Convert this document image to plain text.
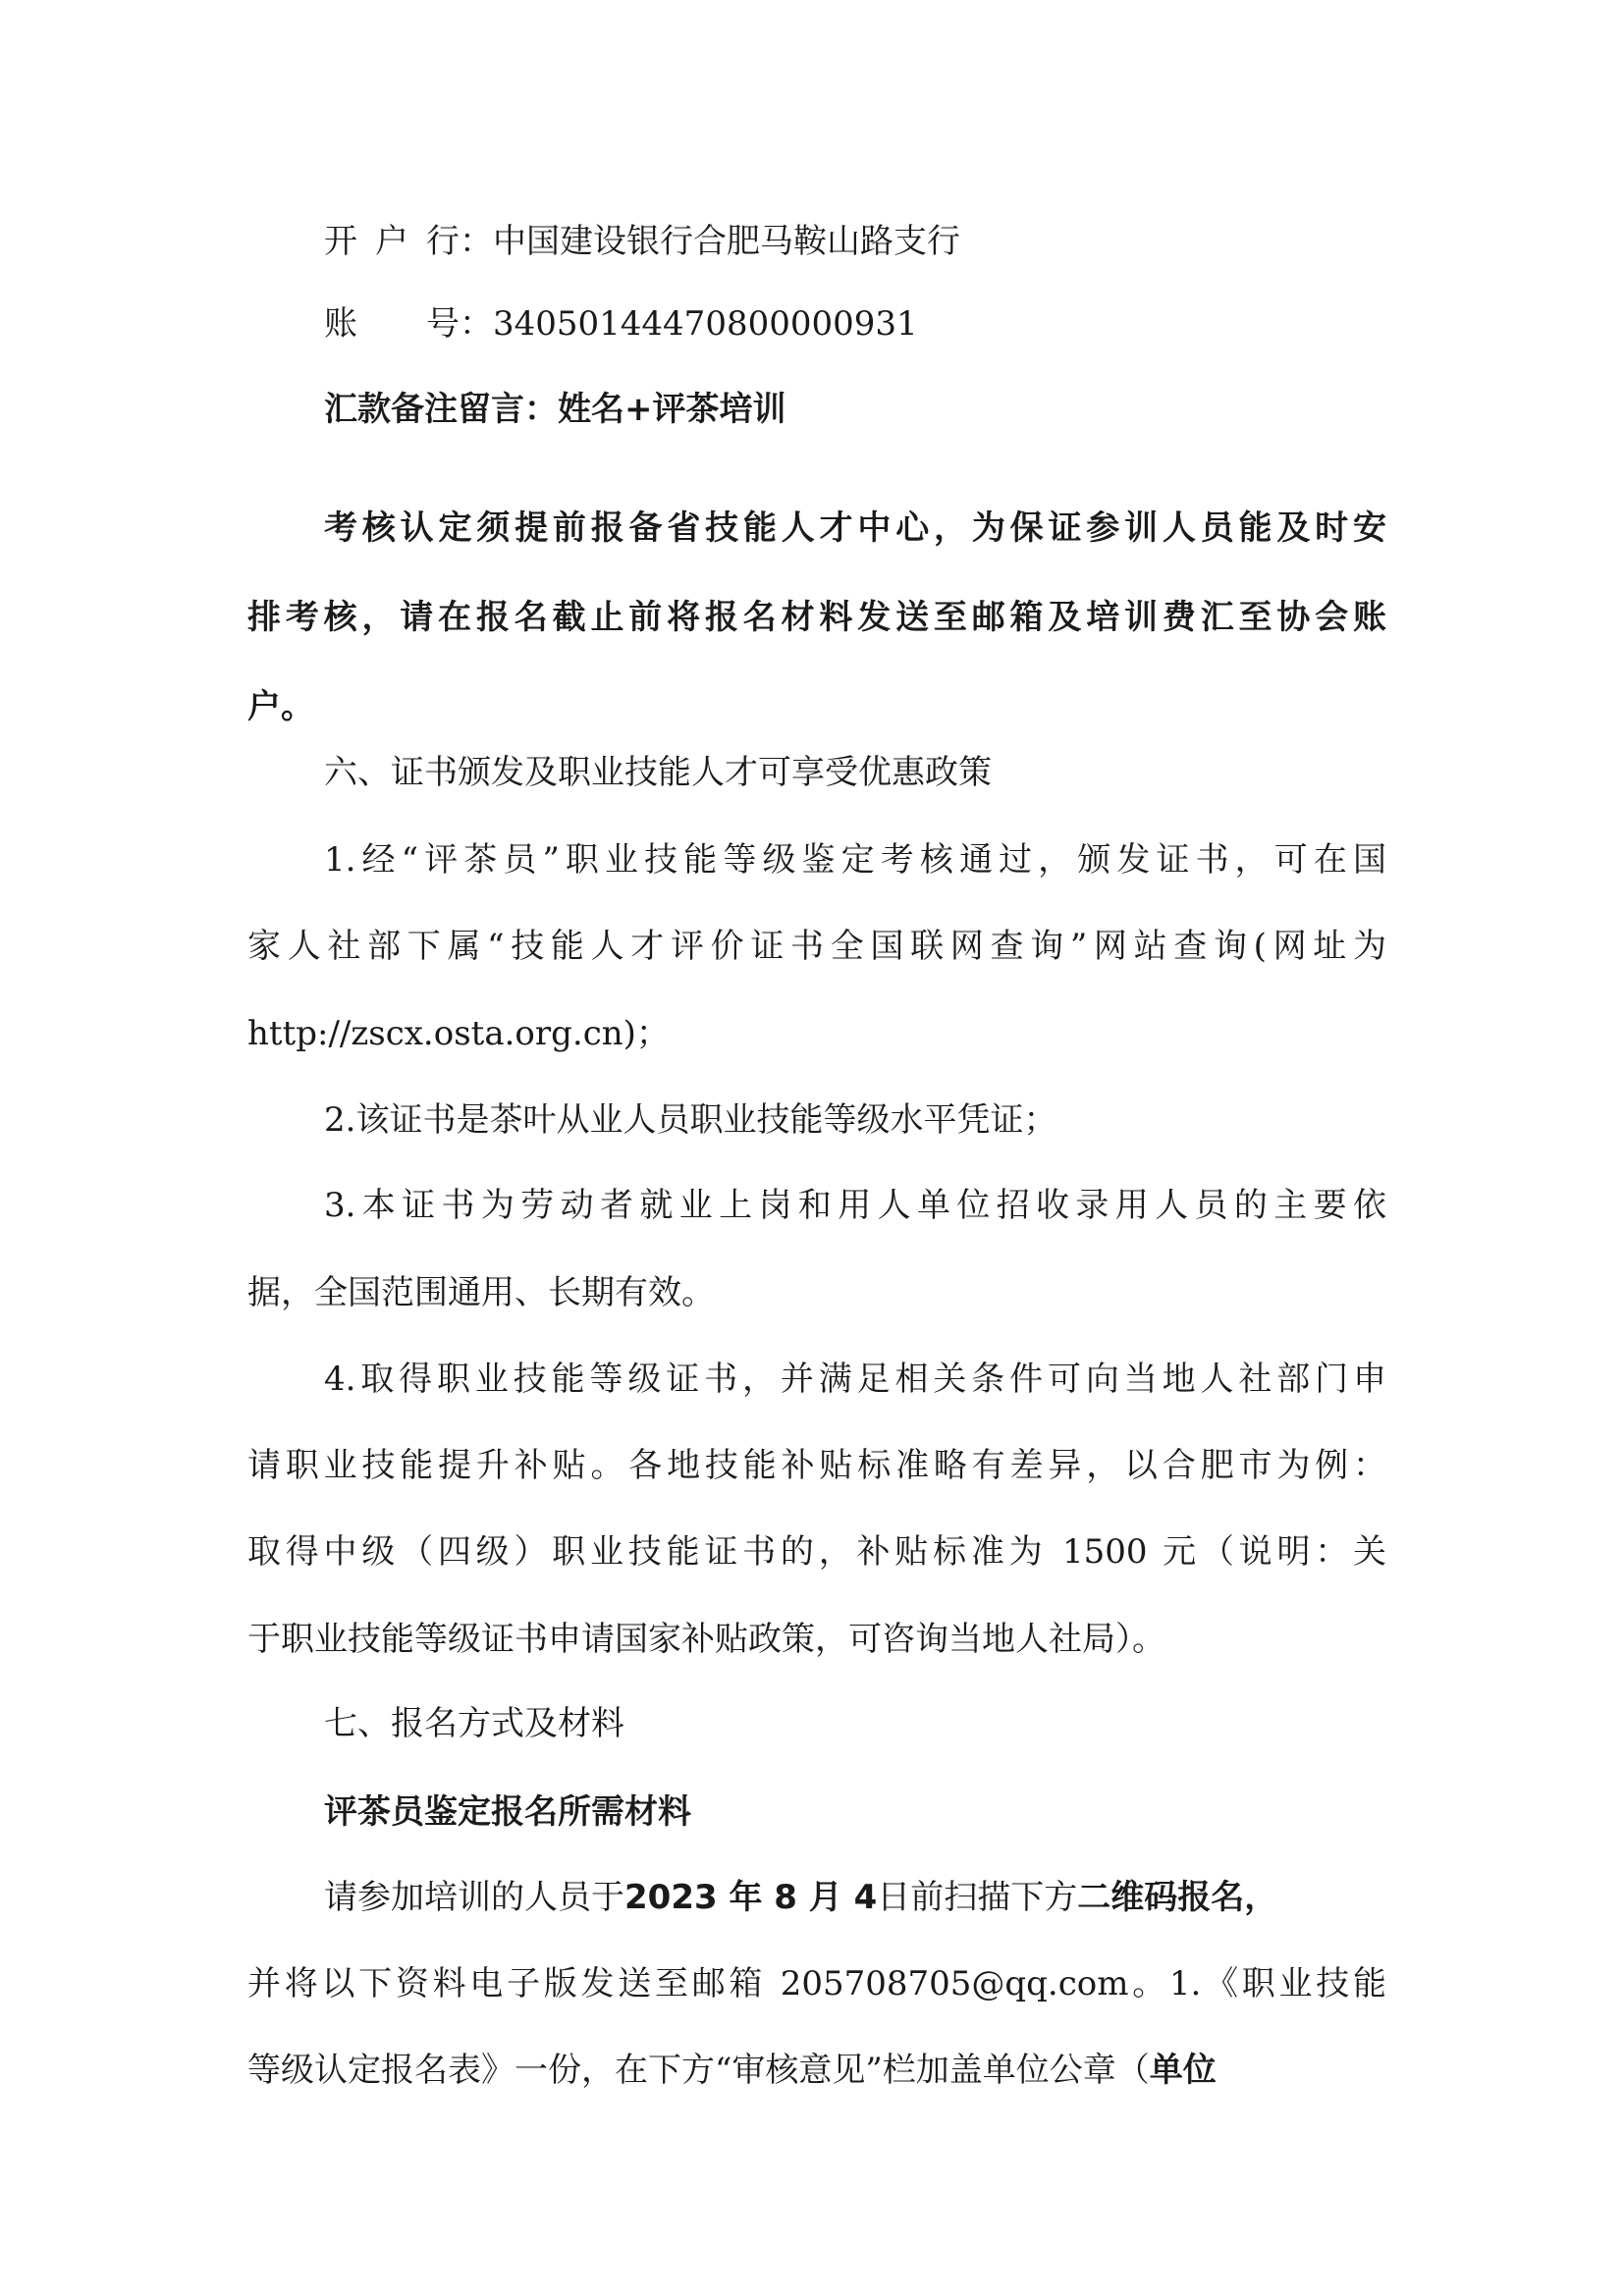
开 户 行：中国建设银行合肥马鞍山路支行
账 号：340501444708000009​31
汇款备注留言：姓名+评茶培训
考核认定须提前报备省技能人才中心，为保证参训人员能及时安
排考核，请在报名截止前将报名材料发送至邮箱及培训费汇至协会账
户。
六、证书颁发及职业技能人才可享受优惠政策
1.经“评茶员”职业技能等级鉴定考核通过，颁发证书，可在国
家人社部下属“技能人才评价证书全国联网查询”网站查询(网址为
http://zscx.osta.org.cn)；
2.该证书是茶叶从业人员职业技能等级水平凭证；
3.本证书为劳动者就业上岗和用人单位招收录用人员的主要依
据，全国范围通用、长期有效。
4.取得职业技能等级证书，并满足相关条件可向当地人社部门申
请职业技能提升补贴。各地技能补贴标准略有差异，以合肥市为例：
取得中级（四级）职业技能证书的，补贴标准为 1500 元（说明：关
于职业技能等级证书申请国家补贴政策，可咨询当地人社局）。
七、报名方式及材料
评茶员鉴定报名所需材料
请参加培训的人员于2023 年 8 月 4日前扫描下方二维码报名，
并将以下资料电子版发送至邮箱 205708705@qq.com。1.《职业技能
等级认定报名表》一份，在下方“审核意见”栏加盖单位公章（单位
